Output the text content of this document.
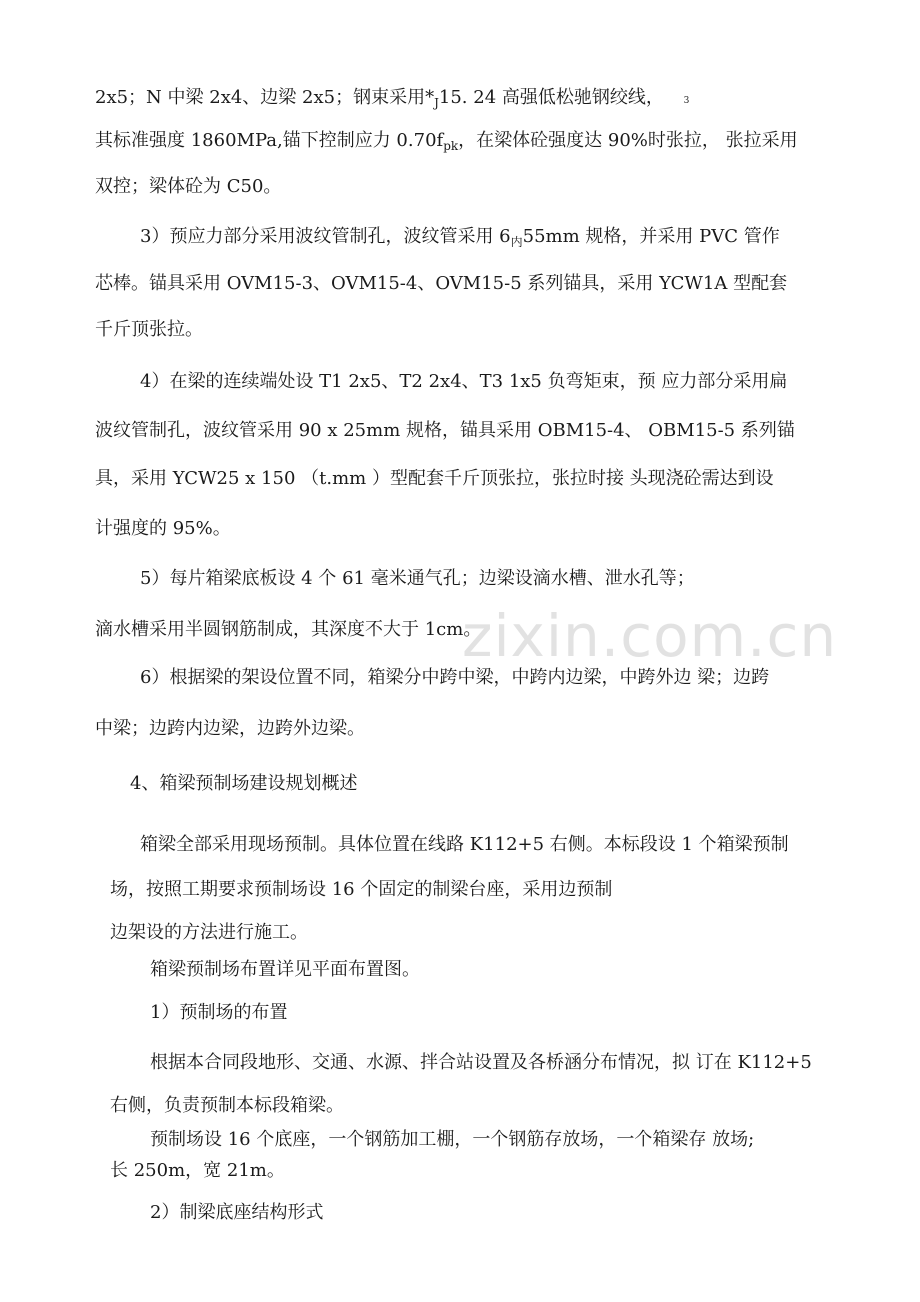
zixin.com.cn
2x5；N 中梁 2x4、边梁 2x5；钢束采用$*_J15$. 24 高强低松驰钢绞线， 3
其标准强度 1860MPa,锚下控制应力 $0.70f_{pk}$，在梁体砼强度达 90%时张拉， 张拉采用
双控；梁体砼为 C50。
3）预应力部分采用波纹管制孔，波纹管采用 $6_内55mm$ 规格，并采用 PVC 管作
芯棒。锚具采用 OVM15-3、OVM15-4、OVM15-5 系列锚具，采用 YCW1A 型配套
千斤顶张拉。
4）在梁的连续端处设 T1 2x5、T2 2x4、T3 1x5 负弯矩束，预 应力部分采用扁
波纹管制孔，波纹管采用 90 x 25mm 规格，锚具采用 OBM15-4、 OBM15-5 系列锚
具，采用 YCW25 x 150 （t.mm ）型配套千斤顶张拉，张拉时接 头现浇砼需达到设
计强度的 95%。
5）每片箱梁底板设 4 个 61 毫米通气孔；边梁设滴水槽、泄水孔等；
滴水槽采用半圆钢筋制成，其深度不大于 1cm。
6）根据梁的架设位置不同，箱梁分中跨中梁，中跨内边梁，中跨外边 梁；边跨
中梁；边跨内边梁，边跨外边梁。
4、箱梁预制场建设规划概述
箱梁全部采用现场预制。具体位置在线路 K112+5 右侧。本标段设 1 个箱梁预制
场，按照工期要求预制场设 16 个固定的制梁台座，采用边预制
边架设的方法进行施工。
箱梁预制场布置详见平面布置图。
1）预制场的布置
根据本合同段地形、交通、水源、拌合站设置及各桥涵分布情况，拟 订在 K112+5
右侧，负责预制本标段箱梁。
预制场设 16 个底座，一个钢筋加工棚，一个钢筋存放场，一个箱梁存 放场;
长 250m，宽 21m。
2）制梁底座结构形式
